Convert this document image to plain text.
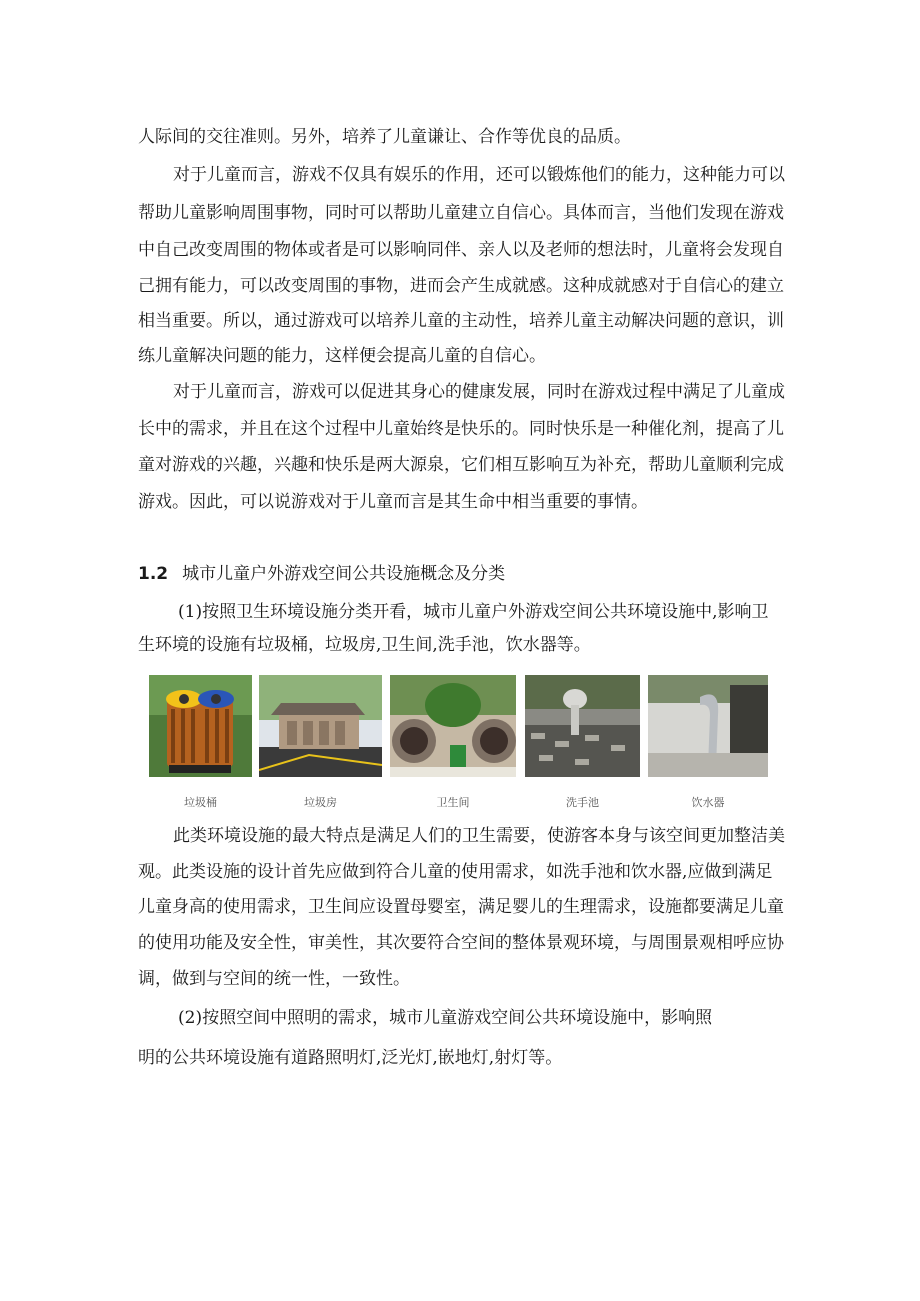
人际间的交往准则。另外，培养了儿童谦让、合作等优良的品质。
对于儿童而言，游戏不仅具有娱乐的作用，还可以锻炼他们的能力，这种能力可以
帮助儿童影响周围事物，同时可以帮助儿童建立自信心。具体而言，当他们发现在游戏
中自己改变周围的物体或者是可以影响同伴、亲人以及老师的想法时，儿童将会发现自
己拥有能力，可以改变周围的事物，进而会产生成就感。这种成就感对于自信心的建立
相当重要。所以，通过游戏可以培养儿童的主动性，培养儿童主动解决问题的意识，训
练儿童解决问题的能力，这样便会提高儿童的自信心。
对于儿童而言，游戏可以促进其身心的健康发展，同时在游戏过程中满足了儿童成
长中的需求，并且在这个过程中儿童始终是快乐的。同时快乐是一种催化剂，提高了儿
童对游戏的兴趣，兴趣和快乐是两大源泉，它们相互影响互为补充，帮助儿童顺利完成
游戏。因此，可以说游戏对于儿童而言是其生命中相当重要的事情。
1.2 城市儿童户外游戏空间公共设施概念及分类
(1)按照卫生环境设施分类开看，城市儿童户外游戏空间公共环境设施中,影响卫
生环境的设施有垃圾桶，垃圾房,卫生间,洗手池，饮水器等。
垃圾桶	垃圾房	卫生间	洗手池	饮水器
此类环境设施的最大特点是满足人们的卫生需要，使游客本身与该空间更加整洁美
观。此类设施的设计首先应做到符合儿童的使用需求，如洗手池和饮水器,应做到满足
儿童身高的使用需求，卫生间应设置母婴室，满足婴儿的生理需求，设施都要满足儿童
的使用功能及安全性，审美性，其次要符合空间的整体景观环境，与周围景观相呼应协
调，做到与空间的统一性，一致性。
(2)按照空间中照明的需求，城市儿童游戏空间公共环境设施中，影响照
明的公共环境设施有道路照明灯,泛光灯,嵌地灯,射灯等。
